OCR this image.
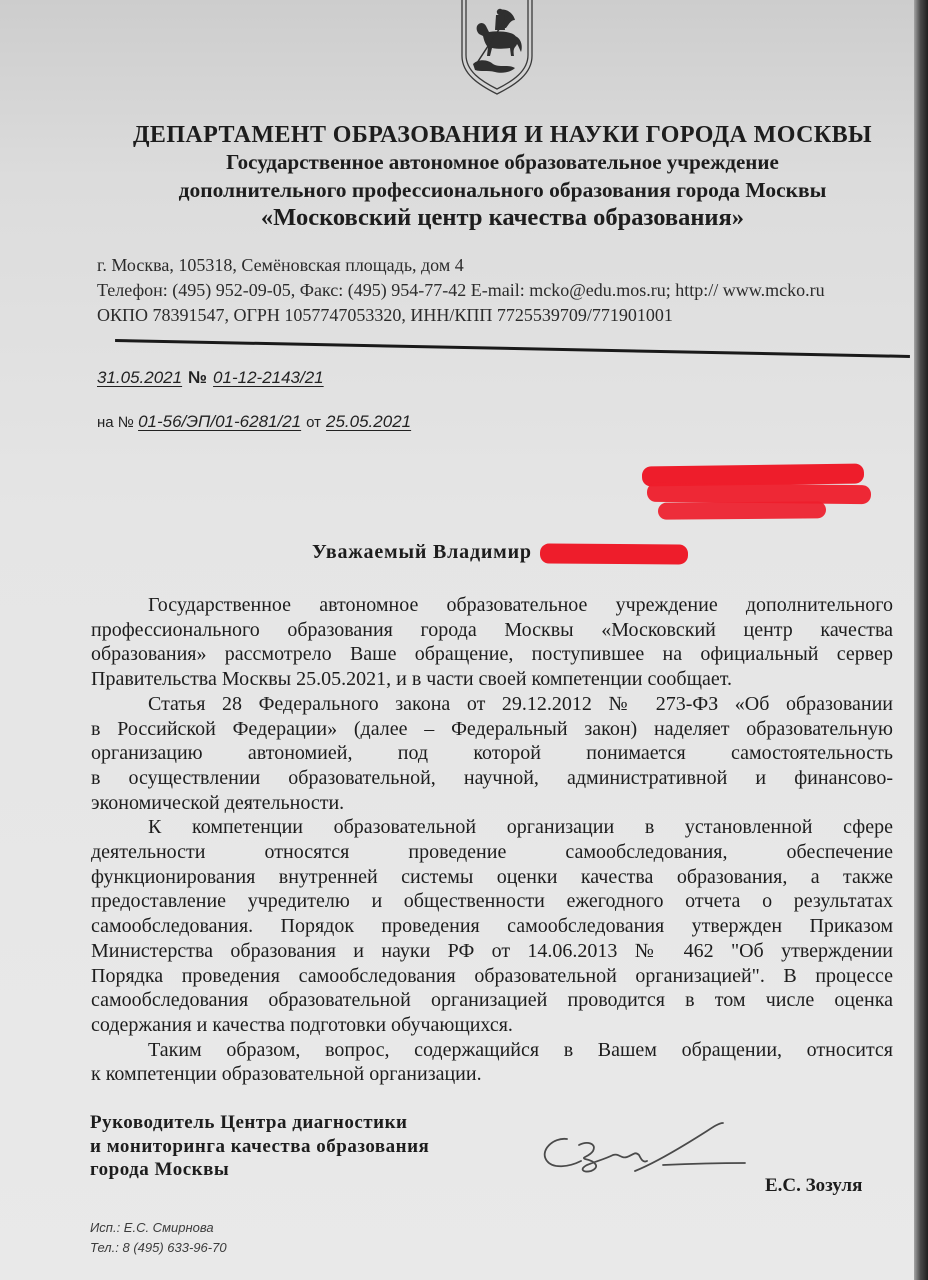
ДЕПАРТАМЕНТ ОБРАЗОВАНИЯ И НАУКИ ГОРОДА МОСКВЫ
Государственное автономное образовательное учреждение
дополнительного профессионального образования города Москвы
«Московский центр качества образования»
г. Москва, 105318, Семёновская площадь, дом 4
Телефон: (495) 952-09-05, Факс: (495) 954-77-42 E-mail: mcko@edu.mos.ru; http:// www.mcko.ru
ОКПО 78391547, ОГРН 1057747053320, ИНН/КПП 7725539709/771901001
31.05.2021 № 01-12-2143/21
на № 01-56/ЭП/01-6281/21 от 25.05.2021
Уважаемый Владимир
Государственное автономное образовательное учреждение дополнительного
профессионального образования города Москвы «Московский центр качества
образования» рассмотрело Ваше обращение, поступившее на официальный сервер
Правительства Москвы 25.05.2021, и в части своей компетенции сообщает.
Статья 28 Федерального закона от 29.12.2012 № 273-ФЗ «Об образовании
в Российской Федерации» (далее – Федеральный закон) наделяет образовательную
организацию автономией, под которой понимается самостоятельность
в осуществлении образовательной, научной, административной и финансово-
экономической деятельности.
К компетенции образовательной организации в установленной сфере
деятельности относятся проведение самообследования, обеспечение
функционирования внутренней системы оценки качества образования, а также
предоставление учредителю и общественности ежегодного отчета о результатах
самообследования. Порядок проведения самообследования утвержден Приказом
Министерства образования и науки РФ от 14.06.2013 № 462 "Об утверждении
Порядка проведения самообследования образовательной организацией". В процессе
самообследования образовательной организацией проводится в том числе оценка
содержания и качества подготовки обучающихся.
Таким образом, вопрос, содержащийся в Вашем обращении, относится
к компетенции образовательной организации.
Руководитель Центра диагностики
и мониторинга качества образования
города Москвы
Е.С. Зозуля
Исп.: Е.С. Смирнова
Тел.: 8 (495) 633-96-70
